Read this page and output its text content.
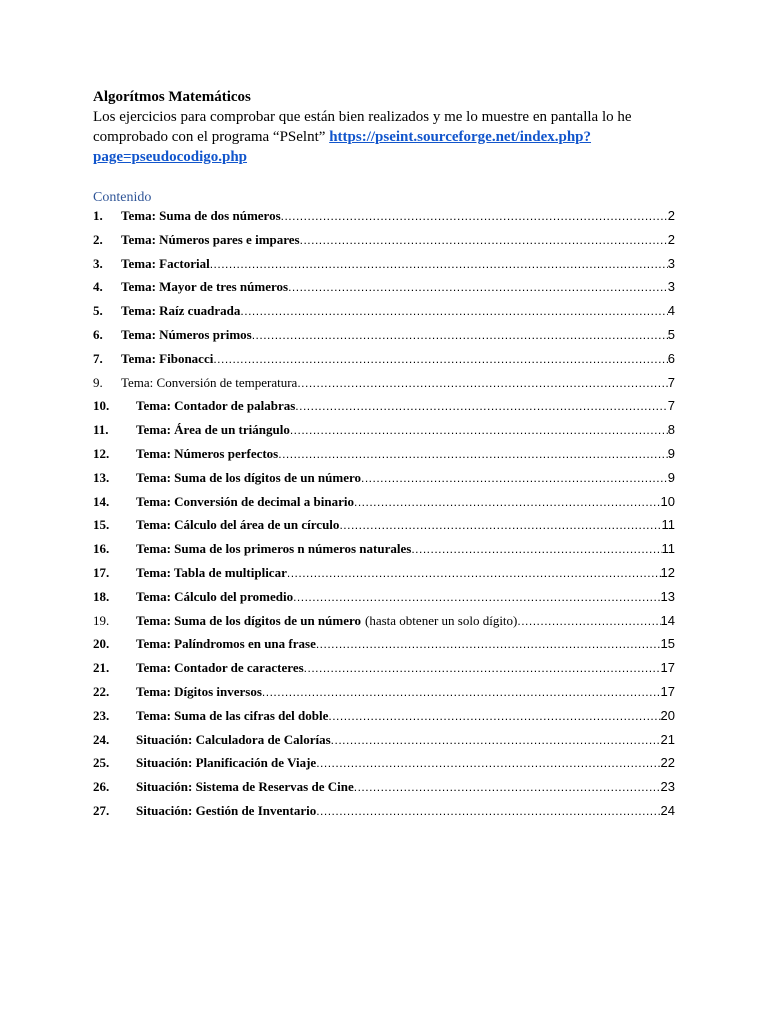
Algorítmos Matemáticos
Los ejercicios para comprobar que están bien realizados y me lo muestre en pantalla lo he comprobado con el programa “PSelnt” https://pseint.sourceforge.net/index.php?page=pseudocodigo.php
Contenido
1.	Tema: Suma de dos números .....	2
2.	Tema: Números pares e impares .....	2
3.	Tema: Factorial .....	3
4.	Tema: Mayor de tres números .....	3
5.	Tema: Raíz cuadrada .....	4
6.	Tema: Números primos .....	5
7.	Tema: Fibonacci .....	6
9.	Tema: Conversión de temperatura .....	7
10.	Tema: Contador de palabras .....	7
11.	Tema: Área de un triángulo .....	8
12.	Tema: Números perfectos .....	9
13.	Tema: Suma de los dígitos de un número .....	9
14.	Tema: Conversión de decimal a binario .....	10
15.	Tema: Cálculo del área de un círculo .....	11
16.	Tema: Suma de los primeros n números naturales .....	11
17.	Tema: Tabla de multiplicar .....	12
18.	Tema: Cálculo del promedio .....	13
19.	Tema: Suma de los dígitos de un número (hasta obtener un solo dígito) .....	14
20.	Tema: Palíndromos en una frase .....	15
21.	Tema: Contador de caracteres .....	17
22.	Tema: Dígitos inversos .....	17
23.	Tema: Suma de las cifras del doble .....	20
24.	Situación: Calculadora de Calorías .....	21
25.	Situación: Planificación de Viaje .....	22
26.	Situación: Sistema de Reservas de Cine .....	23
27.	Situación: Gestión de Inventario .....	24
